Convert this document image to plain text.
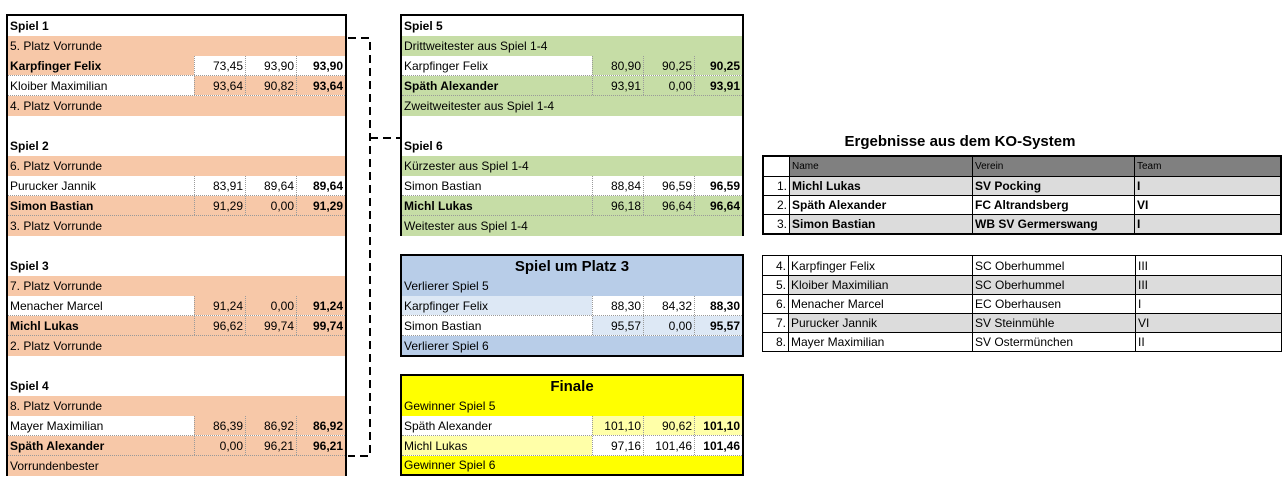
Spiel 1
5. Platz Vorrunde
Karpfinger Felix	73,45	93,90	93,90
Kloiber Maximilian	93,64	90,82	93,64
4. Platz Vorrunde
Spiel 2
6. Platz Vorrunde
Purucker Jannik	83,91	89,64	89,64
Simon Bastian	91,29	0,00	91,29
3. Platz Vorrunde
Spiel 3
7. Platz Vorrunde
Menacher Marcel	91,24	0,00	91,24
Michl Lukas	96,62	99,74	99,74
2. Platz Vorrunde
Spiel 4
8. Platz Vorrunde
Mayer Maximilian	86,39	86,92	86,92
Späth Alexander	0,00	96,21	96,21
Vorrundenbester
Spiel 5
Drittweitester aus Spiel 1-4
Karpfinger Felix	80,90	90,25	90,25
Späth Alexander	93,91	0,00	93,91
Zweitweitester aus Spiel 1-4
Spiel 6
Kürzester aus Spiel 1-4
Simon Bastian	88,84	96,59	96,59
Michl Lukas	96,18	96,64	96,64
Weitester aus Spiel 1-4
Spiel um Platz 3
Verlierer Spiel 5
Karpfinger Felix	88,30	84,32	88,30
Simon Bastian	95,57	0,00	95,57
Verlierer Spiel 6
Finale
Gewinner Spiel 5
Späth Alexander	101,10	90,62 101,10
Michl Lukas	97,16	101,46 101,46
Gewinner Spiel 6
Ergebnisse aus dem KO-System
Name	Verein	Team
1. Michl Lukas	SV Pocking	I
2. Späth Alexander	FC Altrandsberg	VI
3. Simon Bastian	WB SV Germerswang	I
4. Karpfinger Felix	SC Oberhummel	III
5. Kloiber Maximilian	SC Oberhummel	III
6. Menacher Marcel	EC Oberhausen	I
7. Purucker Jannik	SV Steinmühle	VI
8. Mayer Maximilian	SV Ostermünchen	II
